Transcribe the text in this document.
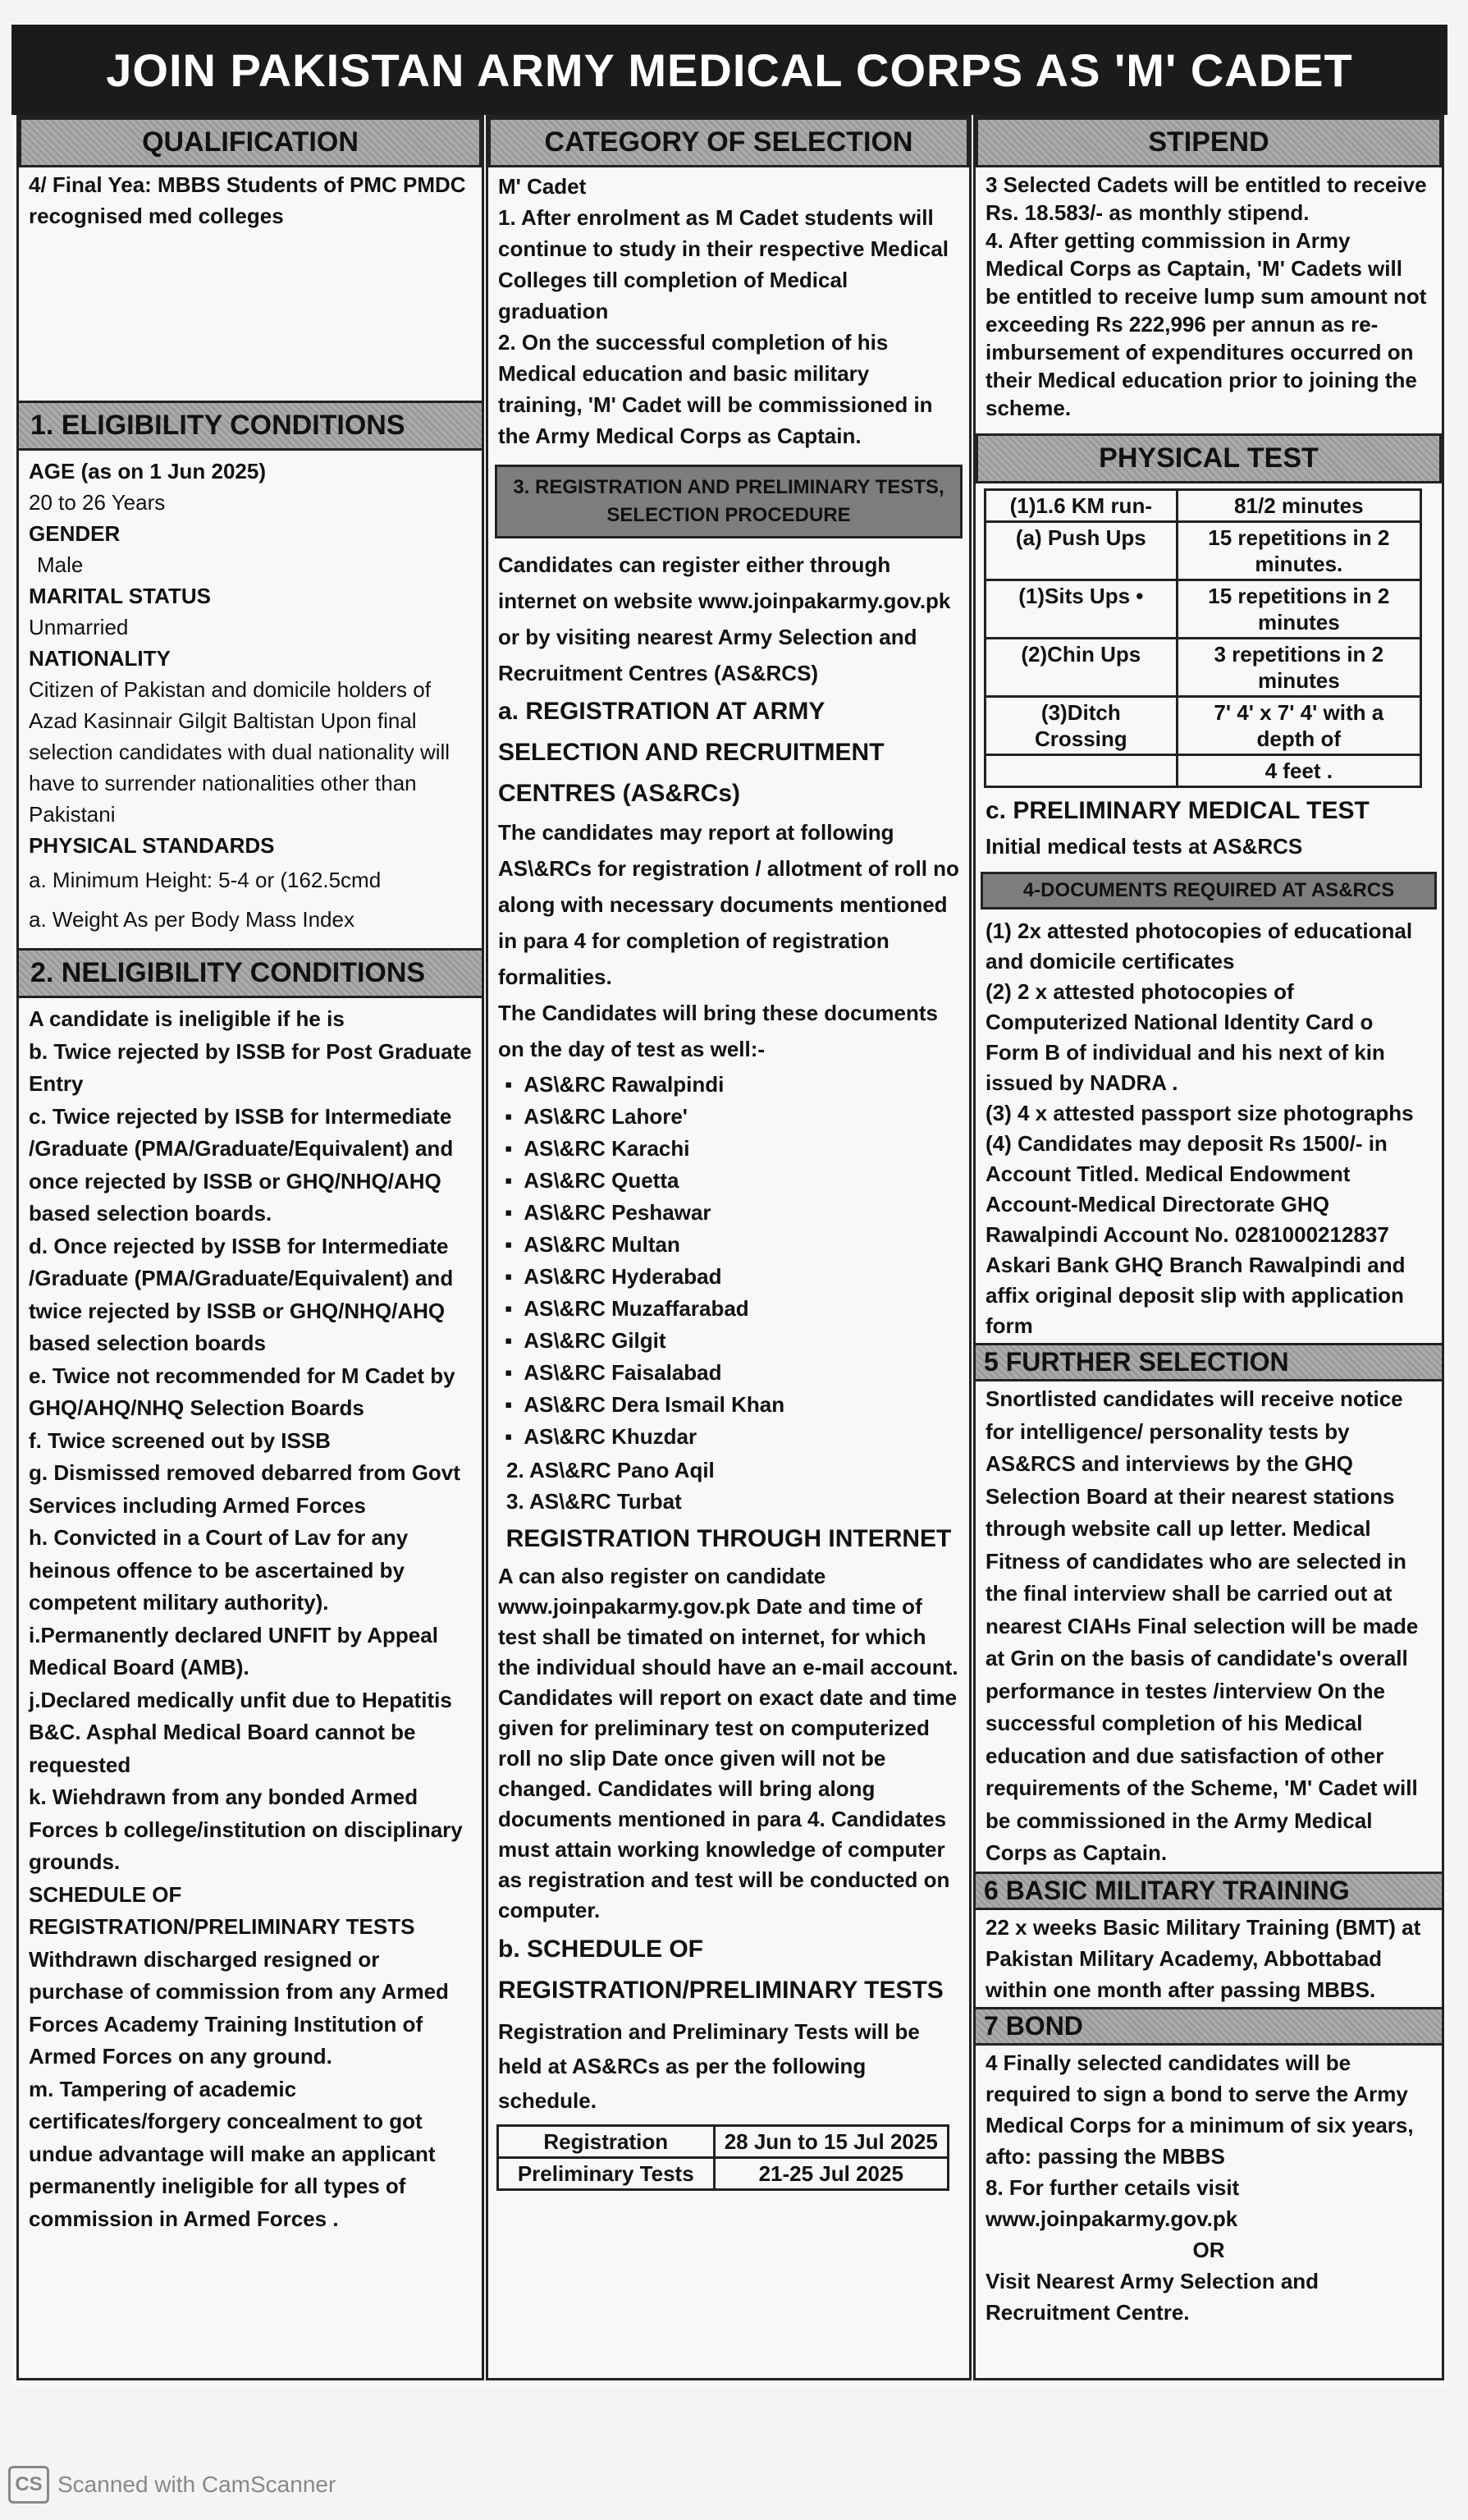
JOIN PAKISTAN ARMY MEDICAL CORPS AS 'M' CADET
QUALIFICATION
4/ Final Yea: MBBS Students of PMC PMDC recognised med colleges
1. ELIGIBILITY CONDITIONS
AGE (as on 1 Jun 2025)
20 to 26 Years
GENDER
Male
MARITAL STATUS
Unmarried
NATIONALITY
Citizen of Pakistan and domicile holders of Azad Kasinnair Gilgit Baltistan Upon final selection candidates with dual nationality will have to surrender nationalities other than Pakistani
PHYSICAL STANDARDS
a. Minimum Height: 5-4 or (162.5cmd
a. Weight As per Body Mass Index
2. NELIGIBILITY CONDITIONS
A candidate is ineligible if he is
b. Twice rejected by ISSB for Post Graduate Entry
c. Twice rejected by ISSB for Intermediate /Graduate (PMA/Graduate/Equivalent) and once rejected by ISSB or GHQ/NHQ/AHQ based selection boards.
d. Once rejected by ISSB for Intermediate /Graduate (PMA/Graduate/Equivalent) and twice rejected by ISSB or GHQ/NHQ/AHQ based selection boards
e. Twice not recommended for M Cadet by GHQ/AHQ/NHQ Selection Boards
f. Twice screened out by ISSB
g. Dismissed removed debarred from Govt Services including Armed Forces
h. Convicted in a Court of Lav for any heinous offence to be ascertained by competent military authority).
i.Permanently declared UNFIT by Appeal Medical Board (AMB).
j.Declared medically unfit due to Hepatitis B&C. Asphal Medical Board cannot be requested
k. Wiehdrawn from any bonded Armed Forces b college/institution on disciplinary grounds.
SCHEDULE OF REGISTRATION/PRELIMINARY TESTS
Withdrawn discharged resigned or purchase of commission from any Armed Forces Academy Training Institution of Armed Forces on any ground.
m. Tampering of academic certificates/forgery concealment to got undue advantage will make an applicant permanently ineligible for all types of commission in Armed Forces .
CATEGORY OF SELECTION
M' Cadet
1. After enrolment as M Cadet students will continue to study in their respective Medical Colleges till completion of Medical graduation
2. On the successful completion of his Medical education and basic military training, 'M' Cadet will be commissioned in the Army Medical Corps as Captain.
3. REGISTRATION AND PRELIMINARY TESTS, SELECTION PROCEDURE
Candidates can register either through internet on website www.joinpakarmy.gov.pk or by visiting nearest Army Selection and Recruitment Centres (AS&RCS)
a. REGISTRATION AT ARMY SELECTION AND RECRUITMENT CENTRES (AS&RCs)
The candidates may report at following AS\&RCs for registration / allotment of roll no along with necessary documents mentioned in para 4 for completion of registration formalities.
The Candidates will bring these documents on the day of test as well:-
▪ AS\&RC Rawalpindi
▪ AS\&RC Lahore'
▪ AS\&RC Karachi
▪ AS\&RC Quetta
▪ AS\&RC Peshawar
▪ AS\&RC Multan
▪ AS\&RC Hyderabad
▪ AS\&RC Muzaffarabad
▪ AS\&RC Gilgit
▪ AS\&RC Faisalabad
▪ AS\&RC Dera Ismail Khan
▪ AS\&RC Khuzdar
2. AS\&RC Pano Aqil
3. AS\&RC Turbat
REGISTRATION THROUGH INTERNET
A can also register on candidate www.joinpakarmy.gov.pk Date and time of test shall be timated on internet, for which the individual should have an e-mail account. Candidates will report on exact date and time given for preliminary test on computerized roll no slip Date once given will not be changed. Candidates will bring along documents mentioned in para 4. Candidates must attain working knowledge of computer as registration and test will be conducted on computer.
b. SCHEDULE OF REGISTRATION/PRELIMINARY TESTS
Registration and Preliminary Tests will be held at AS&RCs as per the following schedule.
Registration	28 Jun to 15 Jul 2025
Preliminary Tests	21-25 Jul 2025
STIPEND
3 Selected Cadets will be entitled to receive Rs. 18.583/- as monthly stipend.
4. After getting commission in Army Medical Corps as Captain, 'M' Cadets will be entitled to receive lump sum amount not exceeding Rs 222,996 per annun as re-imbursement of expenditures occurred on their Medical education prior to joining the scheme.
PHYSICAL TEST
(1)1.6 KM run-	81/2 minutes
(a) Push Ups	15 repetitions in 2 minutes.
(1)Sits Ups •	15 repetitions in 2 minutes
(2)Chin Ups	3 repetitions in 2 minutes
(3)Ditch Crossing	7' 4' x 7' 4' with a depth of
	4 feet .
c. PRELIMINARY MEDICAL TEST
Initial medical tests at AS&RCS
4-DOCUMENTS REQUIRED AT AS&RCS
(1) 2x attested photocopies of educational and domicile certificates
(2) 2 x attested photocopies of Computerized National Identity Card o Form B of individual and his next of kin issued by NADRA .
(3) 4 x attested passport size photographs
(4) Candidates may deposit Rs 1500/- in Account Titled. Medical Endowment Account-Medical Directorate GHQ Rawalpindi Account No. 0281000212837 Askari Bank GHQ Branch Rawalpindi and affix original deposit slip with application form
5 FURTHER SELECTION
Snortlisted candidates will receive notice for intelligence/ personality tests by AS&RCS and interviews by the GHQ Selection Board at their nearest stations through website call up letter. Medical Fitness of candidates who are selected in the final interview shall be carried out at nearest CIAHs Final selection will be made at Grin on the basis of candidate's overall performance in testes /interview On the successful completion of his Medical education and due satisfaction of other requirements of the Scheme, 'M' Cadet will be commissioned in the Army Medical Corps as Captain.
6 BASIC MILITARY TRAINING
22 x weeks Basic Military Training (BMT) at Pakistan Military Academy, Abbottabad within one month after passing MBBS.
7 BOND
4 Finally selected candidates will be required to sign a bond to serve the Army Medical Corps for a minimum of six years, afto: passing the MBBS
8. For further cetails visit www.joinpakarmy.gov.pk
OR
Visit Nearest Army Selection and Recruitment Centre.
CS Scanned with CamScanner
